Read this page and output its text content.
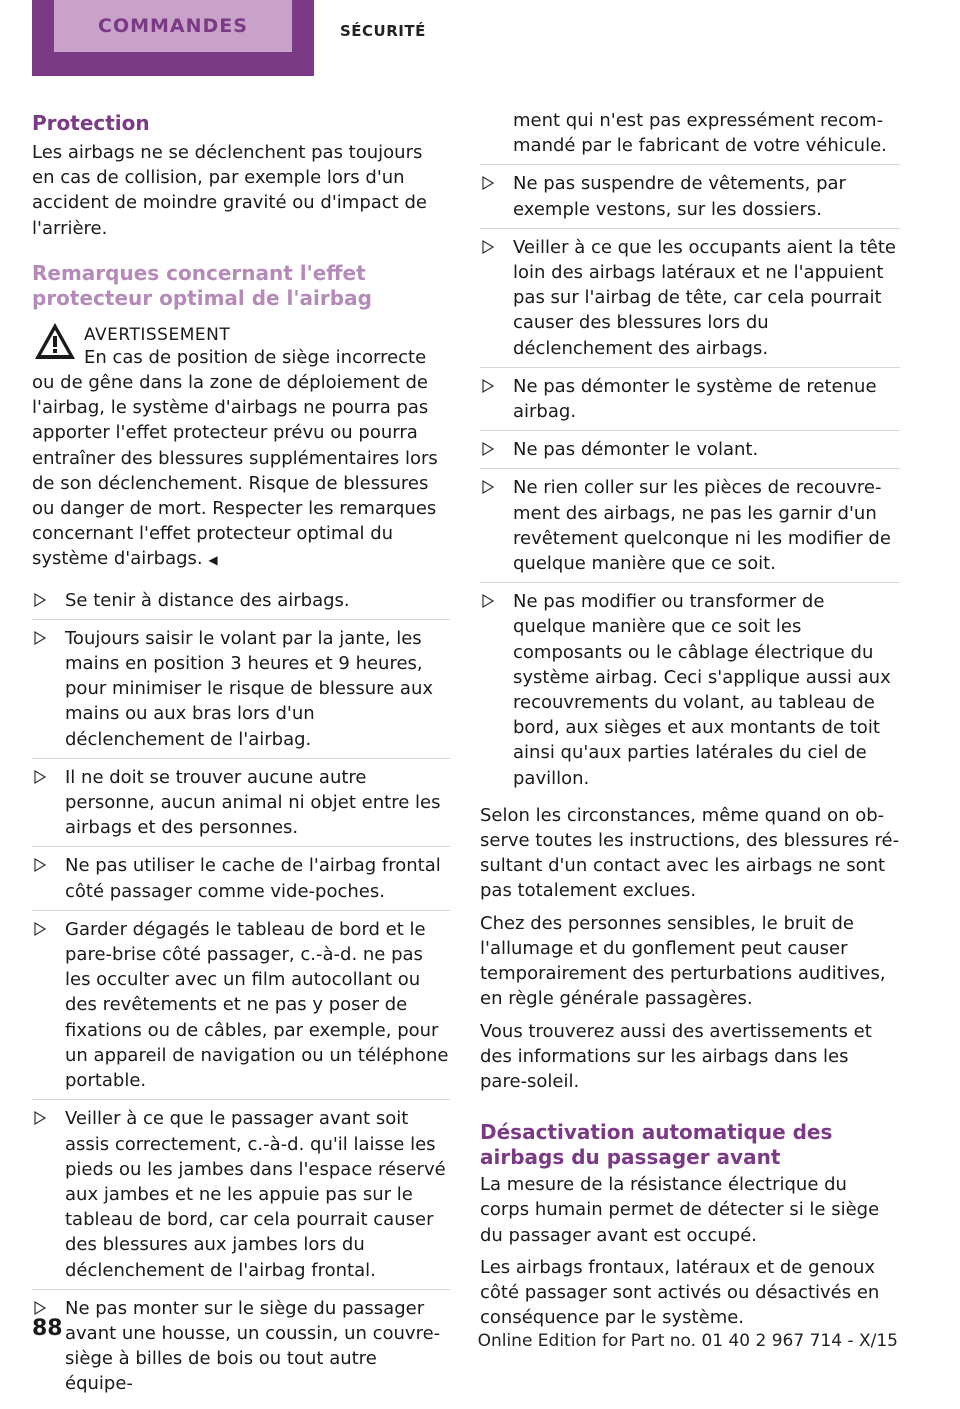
COMMANDES	SÉCURITÉ
Protection

Les airbags ne se déclenchent pas toujours en cas de collision, par exemple lors d'un accident de moindre gravité ou d'impact de l'arrière.

Remarques concernant l'effet protecteur optimal de l'airbag
AVERTISSEMENT
En cas de position de siège incorrecte ou de gêne dans la zone de déploiement de l'airbag, le système d'airbags ne pourra pas apporter l'effet protecteur prévu ou pourra entraîner des blessures supplémentaires lors de son déclenchement. Risque de blessures ou danger de mort. Respecter les remarques concernant l'effet protecteur optimal du système d'airbags. ◀
Se tenir à distance des airbags.
Toujours saisir le volant par la jante, les mains en position 3 heures et 9 heures, pour minimiser le risque de blessure aux mains ou aux bras lors d'un déclenchement de l'airbag.
Il ne doit se trouver aucune autre personne, aucun animal ni objet entre les airbags et des personnes.
Ne pas utiliser le cache de l'airbag frontal côté passager comme vide-poches.
Garder dégagés le tableau de bord et le pare-brise côté passager, c.-à-d. ne pas les occulter avec un film autocollant ou des revêtements et ne pas y poser de fixations ou de câbles, par exemple, pour un appareil de navigation ou un téléphone portable.
Veiller à ce que le passager avant soit assis correctement, c.-à-d. qu'il laisse les pieds ou les jambes dans l'espace réservé aux jambes et ne les appuie pas sur le tableau de bord, car cela pourrait causer des blessures aux jambes lors du déclenchement de l'airbag frontal.
Ne pas monter sur le siège du passager avant une housse, un coussin, un couvre-siège à billes de bois ou tout autre équipe-
ment qui n'est pas expressément recommandé par le fabricant de votre véhicule.
Ne pas suspendre de vêtements, par exemple vestons, sur les dossiers.
Veiller à ce que les occupants aient la tête loin des airbags latéraux et ne l'appuient pas sur l'airbag de tête, car cela pourrait causer des blessures lors du déclenchement des airbags.
Ne pas démonter le système de retenue airbag.
Ne pas démonter le volant.
Ne rien coller sur les pièces de recouvrement des airbags, ne pas les garnir d'un revêtement quelconque ni les modifier de quelque manière que ce soit.
Ne pas modifier ou transformer de quelque manière que ce soit les composants ou le câblage électrique du système airbag. Ceci s'applique aussi aux recouvrements du volant, au tableau de bord, aux sièges et aux montants de toit ainsi qu'aux parties latérales du ciel de pavillon.

Selon les circonstances, même quand on observe toutes les instructions, des blessures résultant d'un contact avec les airbags ne sont pas totalement exclues.

Chez des personnes sensibles, le bruit de l'allumage et du gonflement peut causer temporairement des perturbations auditives, en règle générale passagères.

Vous trouverez aussi des avertissements et des informations sur les airbags dans les pare-soleil.

Désactivation automatique des airbags du passager avant

La mesure de la résistance électrique du corps humain permet de détecter si le siège du passager avant est occupé.

Les airbags frontaux, latéraux et de genoux côté passager sont activés ou désactivés en conséquence par le système.

88	Online Edition for Part no. 01 40 2 967 714 - X/15
